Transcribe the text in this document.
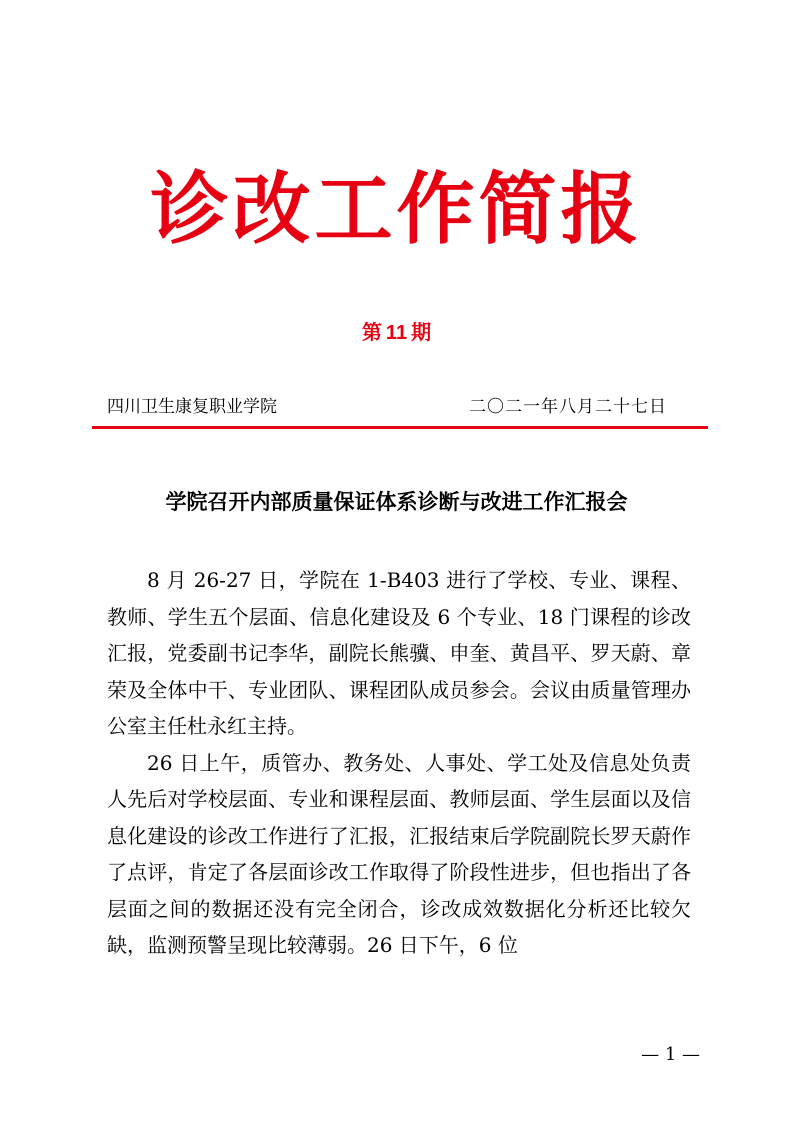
诊改工作简报
第 11 期
四川卫生康复职业学院	二〇二一年八月二十七日
学院召开内部质量保证体系诊断与改进工作汇报会

8 月 26-27 日，学院在 1-B403 进行了学校、专业、课程、教师、学生五个层面、信息化建设及 6 个专业、18 门课程的诊改汇报，党委副书记李华，副院长熊骥、申奎、黄昌平、罗天蔚、章荣及全体中干、专业团队、课程团队成员参会。会议由质量管理办公室主任杜永红主持。

26 日上午，质管办、教务处、人事处、学工处及信息处负责人先后对学校层面、专业和课程层面、教师层面、学生层面以及信息化建设的诊改工作进行了汇报，汇报结束后学院副院长罗天蔚作了点评，肯定了各层面诊改工作取得了阶段性进步，但也指出了各层面之间的数据还没有完全闭合，诊改成效数据化分析还比较欠缺，监测预警呈现比较薄弱。26 日下午，6 位

— 1 —
